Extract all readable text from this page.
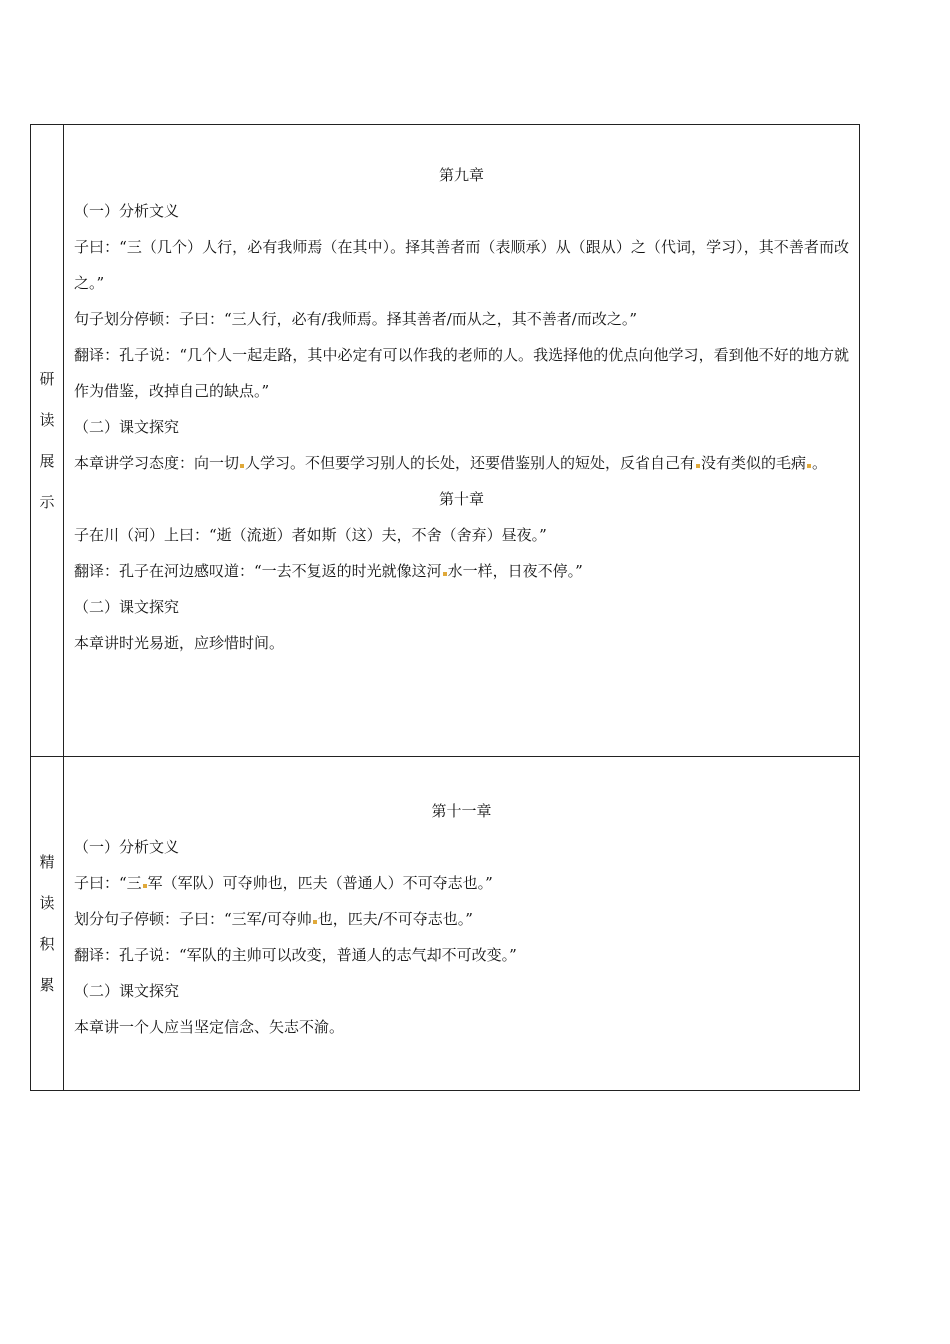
研
读
展
示
第九章
（一）分析文义
子曰：“三（几个）人行，必有我师焉（在其中）。择其善者而（表顺承）从（跟从）之（代词，学习），其不善者而改之。”
句子划分停顿：子曰：“三人行，必有/我师焉。择其善者/而从之，其不善者/而改之。”
翻译：孔子说：“几个人一起走路，其中必定有可以作我的老师的人。我选择他的优点向他学习，看到他不好的地方就作为借鉴，改掉自己的缺点。”
（二）课文探究
本章讲学习态度：向一切 人学习。不但要学习别人的长处，还要借鉴别人的短处，反省自己有 没有类似的毛病 。
第十章
子在川（河）上曰：“逝（流逝）者如斯（这）夫，不舍（舍弃）昼夜。”
翻译：孔子在河边感叹道：“一去不复返的时光就像这河 水一样，日夜不停。”
（二）课文探究
本章讲时光易逝，应珍惜时间。
精
读
积
累
第十一章
（一）分析文义
子曰：“三 军（军队）可夺帅也，匹夫（普通人）不可夺志也。”
划分句子停顿：子曰：“三军/可夺帅 也，匹夫/不可夺志也。”
翻译：孔子说：“军队的主帅可以改变，普通人的志气却不可改变。”
（二）课文探究
本章讲一个人应当坚定信念、矢志不渝。
